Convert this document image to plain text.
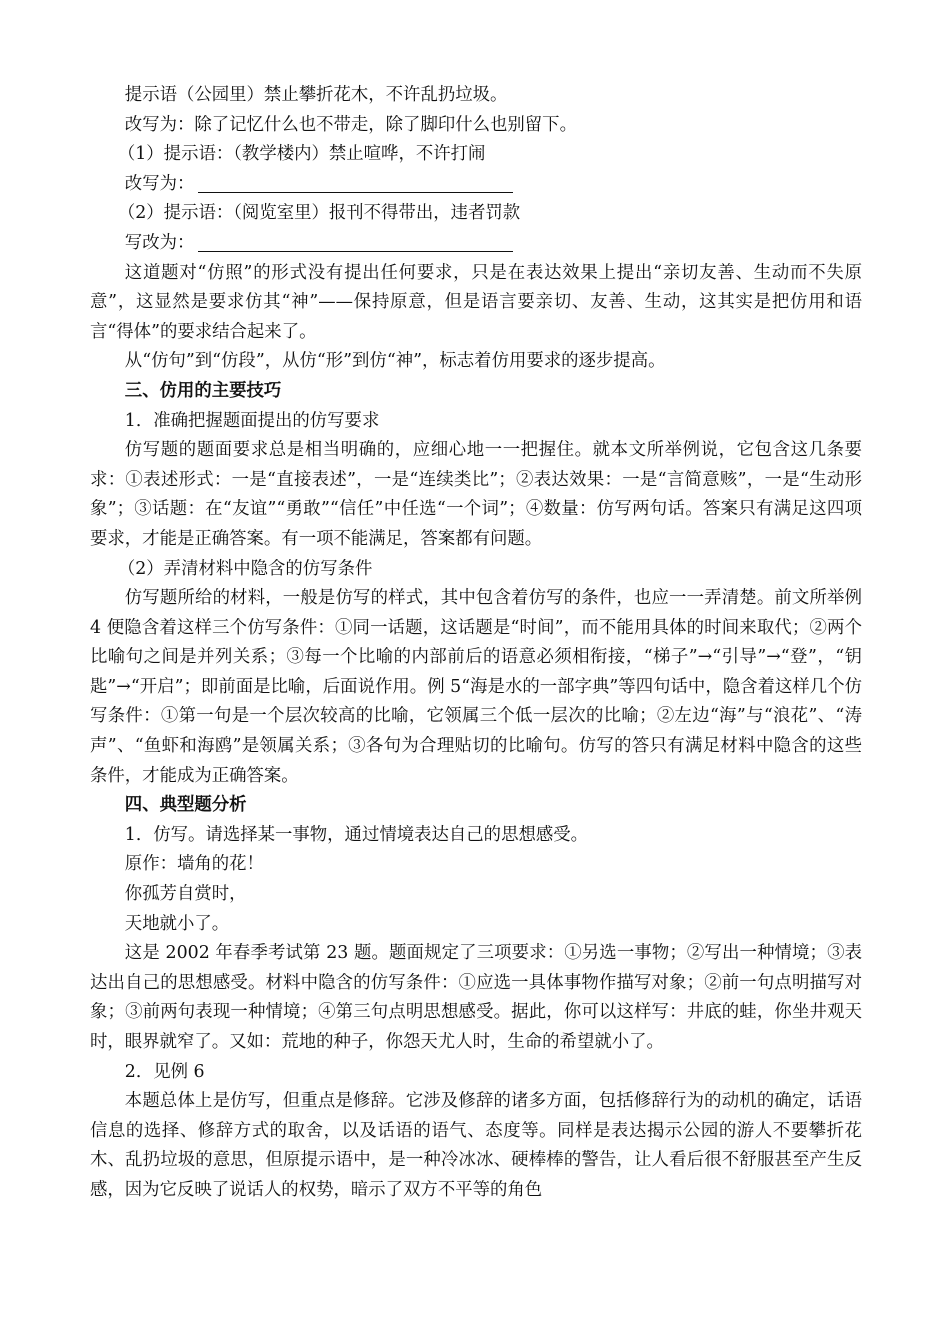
提示语（公园里）禁止攀折花木，不许乱扔垃圾。

改写为：除了记忆什么也不带走，除了脚印什么也别留下。

（1）提示语：（教学楼内）禁止喧哗，不许打闹

改写为：

（2）提示语：（阅览室里）报刊不得带出，违者罚款

写改为：

这道题对“仿照”的形式没有提出任何要求，只是在表达效果上提出“亲切友善、生动而不失原意”，这显然是要求仿其“神”——保持原意，但是语言要亲切、友善、生动，这其实是把仿用和语言“得体”的要求结合起来了。

从“仿句”到“仿段”，从仿“形”到仿“神”，标志着仿用要求的逐步提高。

三、仿用的主要技巧

1．准确把握题面提出的仿写要求

仿写题的题面要求总是相当明确的，应细心地一一把握住。就本文所举例说，它包含这几条要求：①表述形式：一是“直接表述”，一是“连续类比”；②表达效果：一是“言简意赅”，一是“生动形象”；③话题：在“友谊”“勇敢”“信任”中任选“一个词”；④数量：仿写两句话。答案只有满足这四项要求，才能是正确答案。有一项不能满足，答案都有问题。

（2）弄清材料中隐含的仿写条件

仿写题所给的材料，一般是仿写的样式，其中包含着仿写的条件，也应一一弄清楚。前文所举例 4 便隐含着这样三个仿写条件：①同一话题，这话题是“时间”，而不能用具体的时间来取代；②两个比喻句之间是并列关系；③每一个比喻的内部前后的语意必须相衔接，“梯子”→“引导”→“登”，“钥匙”→“开启”；即前面是比喻，后面说作用。例 5“海是水的一部字典”等四句话中，隐含着这样几个仿写条件：①第一句是一个层次较高的比喻，它领属三个低一层次的比喻；②左边“海”与“浪花”、“涛声”、“鱼虾和海鸥”是领属关系；③各句为合理贴切的比喻句。仿写的答只有满足材料中隐含的这些条件，才能成为正确答案。

四、典型题分析

1．仿写。请选择某一事物，通过情境表达自己的思想感受。

原作：墙角的花！

你孤芳自赏时，

天地就小了。

这是 2002 年春季考试第 23 题。题面规定了三项要求：①另选一事物；②写出一种情境；③表达出自己的思想感受。材料中隐含的仿写条件：①应选一具体事物作描写对象；②前一句点明描写对象；③前两句表现一种情境；④第三句点明思想感受。据此，你可以这样写：井底的蛙，你坐井观天时，眼界就窄了。又如：荒地的种子，你怨天尤人时，生命的希望就小了。

2．见例 6

本题总体上是仿写，但重点是修辞。它涉及修辞的诸多方面，包括修辞行为的动机的确定，话语信息的选择、修辞方式的取舍，以及话语的语气、态度等。同样是表达揭示公园的游人不要攀折花木、乱扔垃圾的意思，但原提示语中，是一种冷冰冰、硬棒棒的警告，让人看后很不舒服甚至产生反感，因为它反映了说话人的权势，暗示了双方不平等的角色
